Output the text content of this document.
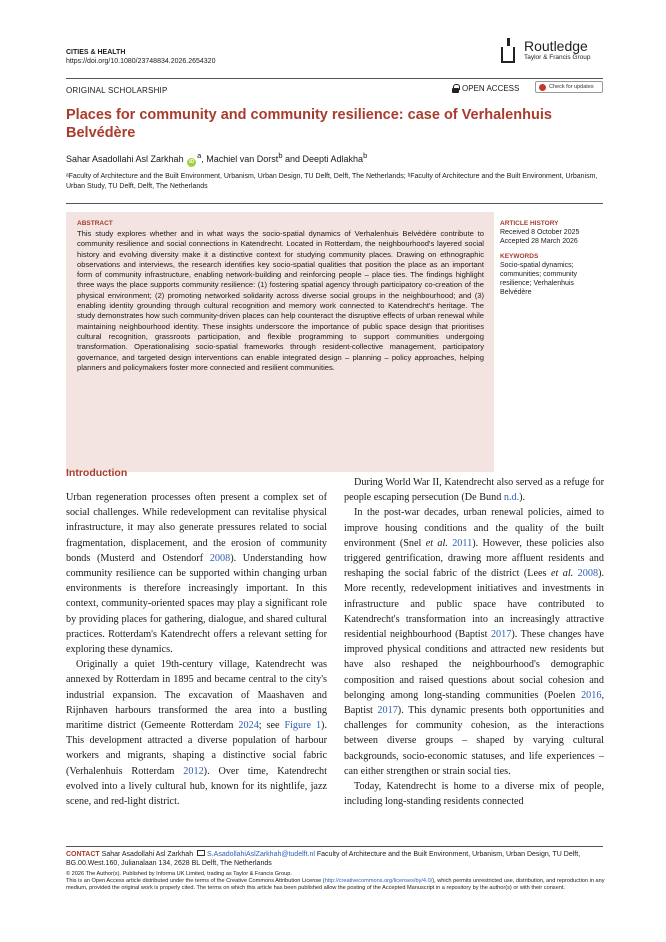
CITIES & HEALTH
https://doi.org/10.1080/23748834.2026.2654320
Routledge
Taylor & Francis Group
ORIGINAL SCHOLARSHIP	OPEN ACCESS	Check for updates
Places for community and community resilience: case of Verhalenhuis Belvédère
Sahar Asadollahi Asl Zarkhah $iD^a$, Machiel van Dorst$^b$ and Deepti Adlakha$^b$
ᵃFaculty of Architecture and the Built Environment, Urbanism, Urban Design, TU Delft, Delft, The Netherlands; ᵇFaculty of Architecture and the Built Environment, Urbanism, Urban Study, TU Delft, Delft, The Netherlands
ABSTRACT
This study explores whether and in what ways the socio-spatial dynamics of Verhalenhuis Belvédère contribute to community resilience and social connections in Katendrecht. Located in Rotterdam, the neighbourhood's layered social history and evolving diversity make it a distinctive context for studying community places. Drawing on ethnographic observations and interviews, the research identifies key socio-spatial qualities that position the place as an important form of community infrastructure, enabling network-building and reinforcing people – place ties. The findings highlight three ways the place supports community resilience: (1) fostering spatial agency through participatory co-creation of the physical environment; (2) promoting networked solidarity across diverse social groups in the neighbourhood; and (3) enabling identity grounding through cultural recognition and memory work connected to Katendrecht's heritage. The study demonstrates how such community-driven places can help counteract the disruptive effects of urban renewal while maintaining neighbourhood identity. These insights underscore the importance of public space design that prioritises cultural recognition, grassroots participation, and flexible programming to support communities undergoing transformation. Operationalising socio-spatial frameworks through resident-collective management, participatory governance, and targeted design interventions can enable integrated design – planning – policy approaches, helping planners and policymakers foster more connected and resilient communities.
ARTICLE HISTORY
Received 8 October 2025
Accepted 28 March 2026
KEYWORDS
Socio-spatial dynamics; communities; community resilience; Verhalenhuis Belvédère
Introduction

Urban regeneration processes often present a complex set of social challenges. While redevelopment can revitalise physical infrastructure, it may also generate pressures related to social fragmentation, displacement, and the erosion of community bonds (Musterd and Ostendorf 2008). Understanding how community resilience can be supported within changing urban environments is therefore increasingly important. In this context, community-oriented spaces may play a significant role by providing places for gathering, dialogue, and shared cultural practices. Rotterdam's Katendrecht offers a relevant setting for exploring these dynamics.

Originally a quiet 19th-century village, Katendrecht was annexed by Rotterdam in 1895 and became central to the city's industrial expansion. The excavation of Maashaven and Rijnhaven harbours transformed the area into a bustling maritime district (Gemeente Rotterdam 2024; see Figure 1). This development attracted a diverse population of harbour workers and migrants, shaping a distinctive social fabric (Verhalenhuis Rotterdam 2012). Over time, Katendrecht evolved into a lively cultural hub, known for its nightlife, jazz scene, and red-light district.

During World War II, Katendrecht also served as a refuge for people escaping persecution (De Bund n.d.).

In the post-war decades, urban renewal policies, aimed to improve housing conditions and the quality of the built environment (Snel et al. 2011). However, these policies also triggered gentrification, drawing more affluent residents and reshaping the social fabric of the district (Lees et al. 2008). More recently, redevelopment initiatives and investments in infrastructure and public space have contributed to Katendrecht's transformation into an increasingly attractive residential neighbourhood (Baptist 2017). These changes have improved physical conditions and attracted new residents but have also reshaped the neighbourhood's demographic composition and raised questions about social cohesion and belonging among long-standing communities (Poelen 2016, Baptist 2017). This dynamic presents both opportunities and challenges for community cohesion, as the interactions between diverse groups – shaped by varying cultural backgrounds, socio-economic statuses, and life experiences – can either strengthen or strain social ties.

Today, Katendrecht is home to a diverse mix of people, including long-standing residents connected

CONTACT Sahar Asadollahi Asl Zarkhah S.AsadollahiAslZarkhah@tudelft.nl Faculty of Architecture and the Built Environment, Urbanism, Urban Design, TU Delft, BG.00.West.160, Julianalaan 134, 2628 BL Delft, The Netherlands
© 2026 The Author(s). Published by Informa UK Limited, trading as Taylor & Francis Group.
This is an Open Access article distributed under the terms of the Creative Commons Attribution License (http://creativecommons.org/licenses/by/4.0/), which permits unrestricted use, distribution, and reproduction in any medium, provided the original work is properly cited. The terms on which this article has been published allow the posting of the Accepted Manuscript in a repository by the author(s) or with their consent.
